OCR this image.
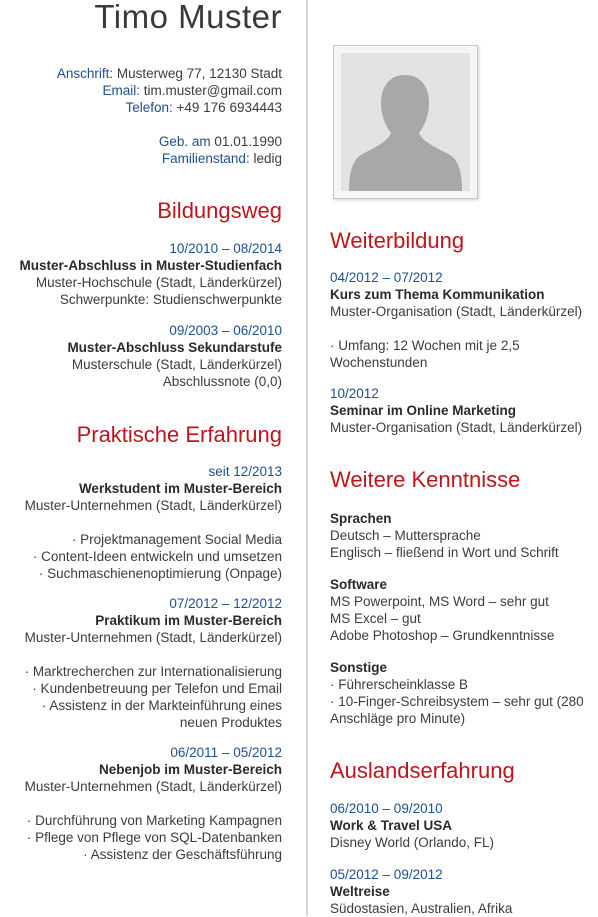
Timo Muster
Anschrift: Musterweg 77, 12130 Stadt
Email: tim.muster@gmail.com
Telefon: +49 176 6934443
Geb. am 01.01.1990
Familienstand: ledig
Bildungsweg
10/2010 – 08/2014
Muster-Abschluss in Muster-Studienfach
Muster-Hochschule (Stadt, Länderkürzel)
Schwerpunkte: Studienschwerpunkte
09/2003 – 06/2010
Muster-Abschluss Sekundarstufe
Musterschule (Stadt, Länderkürzel)
Abschlussnote (0,0)
Praktische Erfahrung
seit 12/2013
Werkstudent im Muster-Bereich
Muster-Unternehmen (Stadt, Länderkürzel)
· Projektmanagement Social Media
· Content-Ideen entwickeln und umsetzen
· Suchmaschienenoptimierung (Onpage)
07/2012 – 12/2012
Praktikum im Muster-Bereich
Muster-Unternehmen (Stadt, Länderkürzel)
· Marktrecherchen zur Internationalisierung
· Kundenbetreuung per Telefon und Email
· Assistenz in der Markteinführung eines
neuen Produktes
06/2011 – 05/2012
Nebenjob im Muster-Bereich
Muster-Unternehmen (Stadt, Länderkürzel)
· Durchführung von Marketing Kampagnen
· Pflege von Pflege von SQL-Datenbanken
· Assistenz der Geschäftsführung
Weiterbildung
04/2012 – 07/2012
Kurs zum Thema Kommunikation
Muster-Organisation (Stadt, Länderkürzel)
· Umfang: 12 Wochen mit je 2,5
Wochenstunden
10/2012
Seminar im Online Marketing
Muster-Organisation (Stadt, Länderkürzel)
Weitere Kenntnisse
Sprachen
Deutsch – Muttersprache
Englisch – fließend in Wort und Schrift
Software
MS Powerpoint, MS Word – sehr gut
MS Excel – gut
Adobe Photoshop – Grundkenntnisse
Sonstige
· Führerscheinklasse B
· 10-Finger-Schreibsystem – sehr gut (280
Anschläge pro Minute)
Auslandserfahrung
06/2010 – 09/2010
Work & Travel USA
Disney World (Orlando, FL)
05/2012 – 09/2012
Weltreise
Südostasien, Australien, Afrika
